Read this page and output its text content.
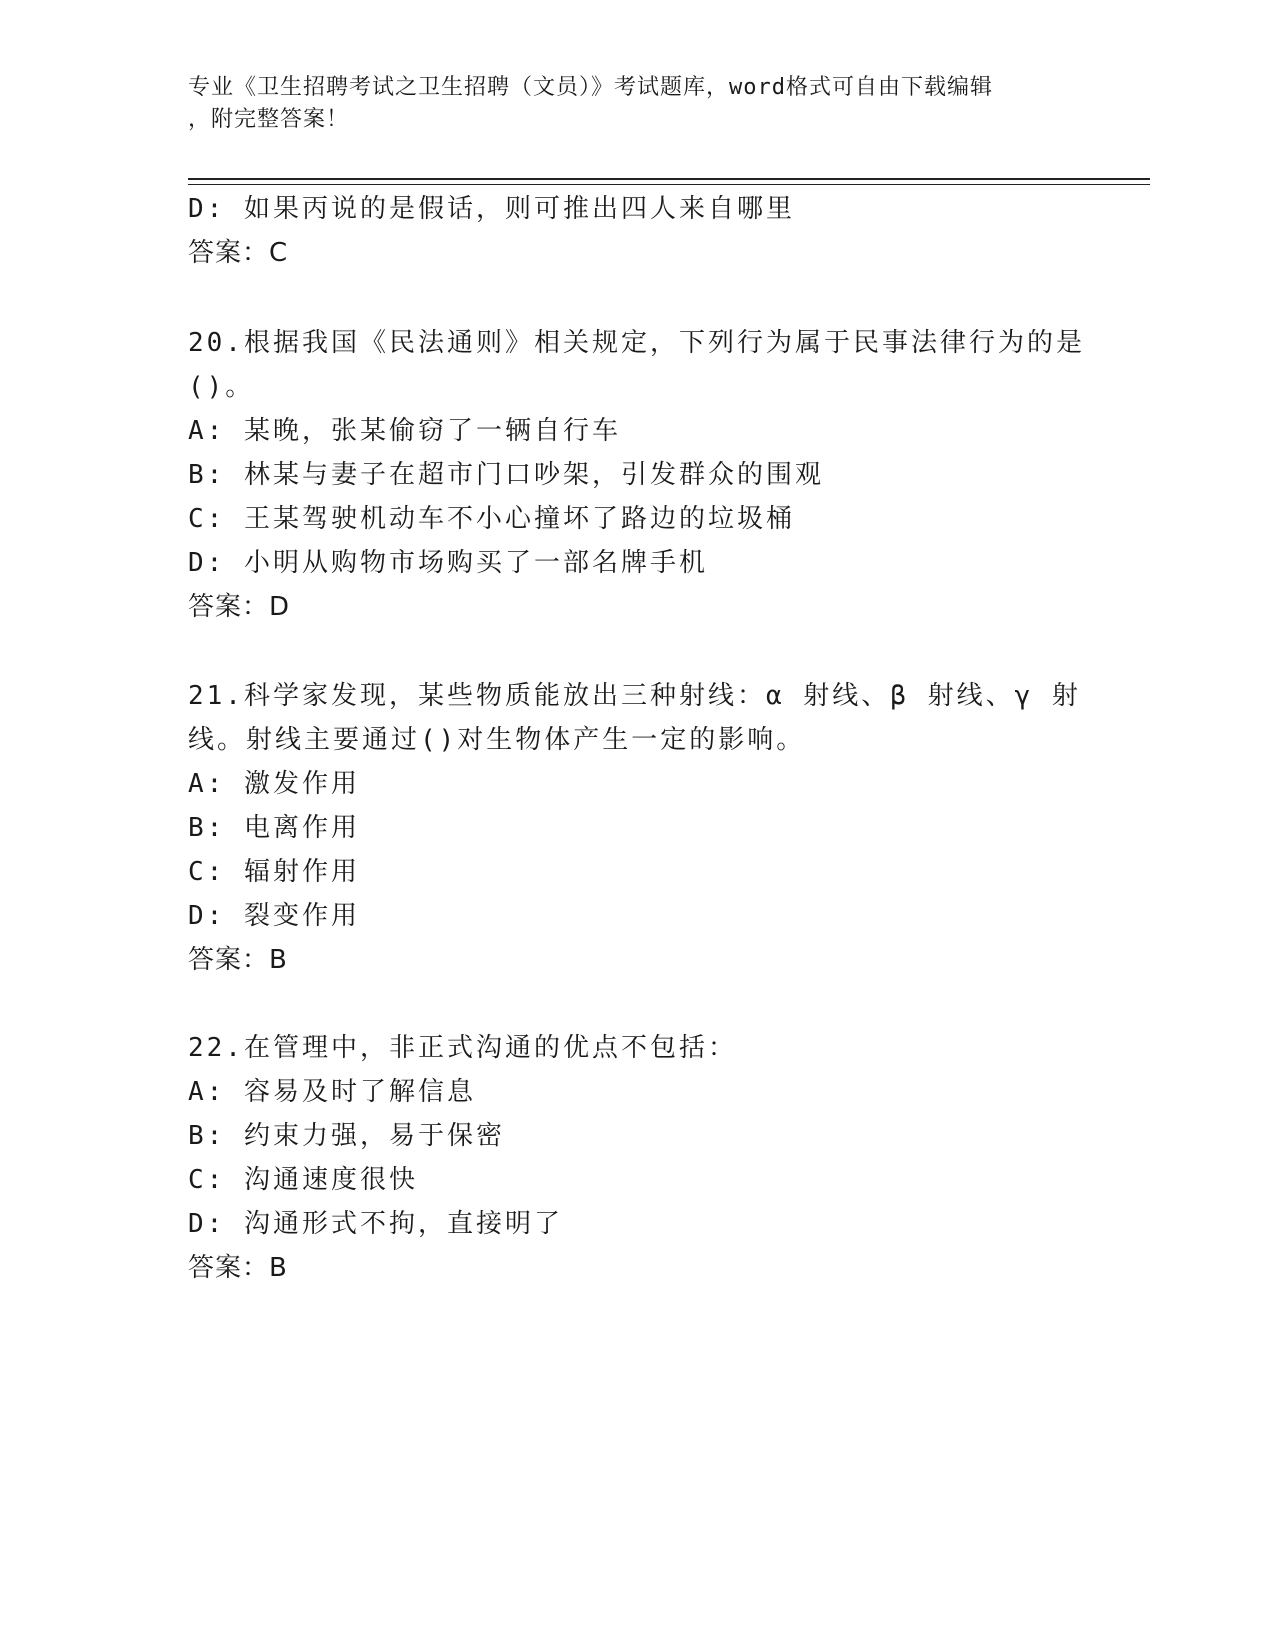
专业《卫生招聘考试之卫生招聘（文员）》考试题库，word格式可自由下载编辑
，附完整答案！
D: 如果丙说的是假话，则可推出四人来自哪里
答案：C
20.根据我国《民法通则》相关规定，下列行为属于民事法律行为的是
()。
A: 某晚，张某偷窃了一辆自行车
B: 林某与妻子在超市门口吵架，引发群众的围观
C: 王某驾驶机动车不小心撞坏了路边的垃圾桶
D: 小明从购物市场购买了一部名牌手机
答案：D
21.科学家发现，某些物质能放出三种射线：α 射线、β 射线、γ 射
线。射线主要通过()对生物体产生一定的影响。
A: 激发作用
B: 电离作用
C: 辐射作用
D: 裂变作用
答案：B
22.在管理中，非正式沟通的优点不包括：
A: 容易及时了解信息
B: 约束力强，易于保密
C: 沟通速度很快
D: 沟通形式不拘，直接明了
答案：B
